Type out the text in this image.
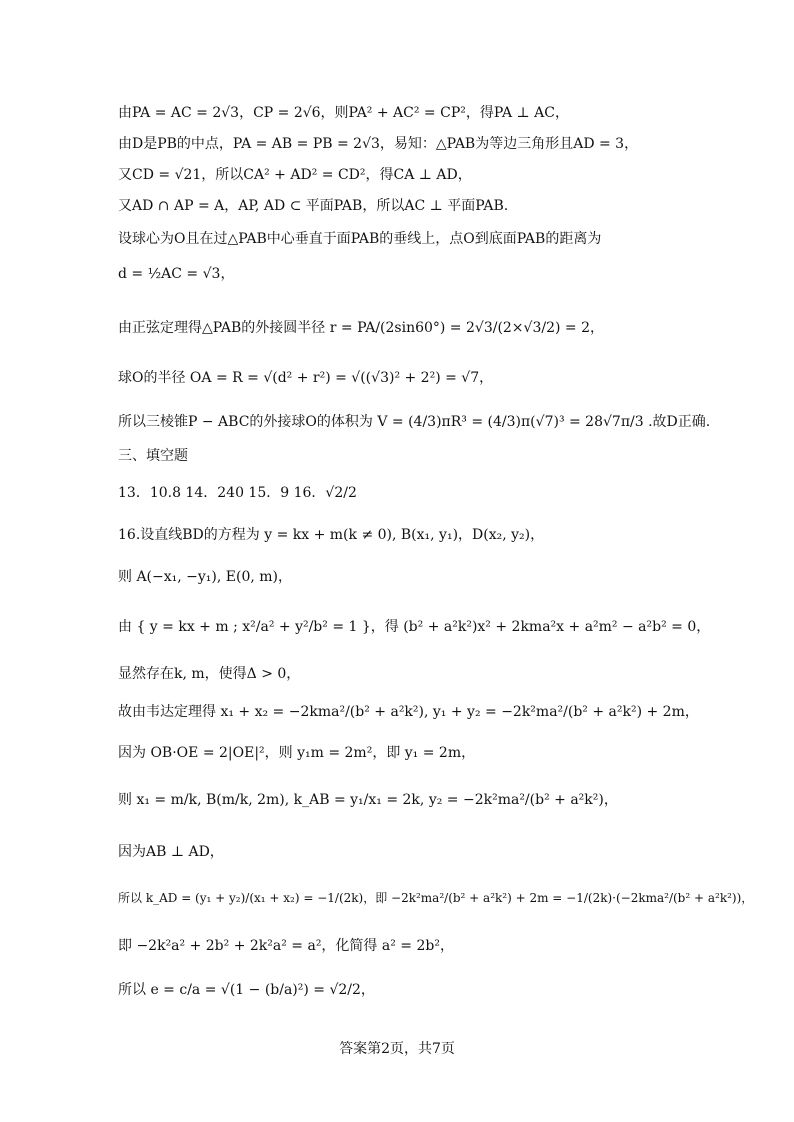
由PA = AC = 2√3，CP = 2√6，则PA² + AC² = CP²，得PA ⊥ AC，
由D是PB的中点，PA = AB = PB = 2√3，易知：△PAB为等边三角形且AD = 3，
又CD = √21，所以CA² + AD² = CD²，得CA ⊥ AD，
又AD ∩ AP = A，AP, AD ⊂ 平面PAB，所以AC ⊥ 平面PAB.
设球心为O且在过△PAB中心垂直于面PAB的垂线上，点O到底面PAB的距离为
d = ½AC = √3，
由正弦定理得△PAB的外接圆半径 r = PA/(2sin60°) = 2√3/(2×√3/2) = 2，
球O的半径 OA = R = √(d² + r²) = √((√3)² + 2²) = √7，
所以三棱锥P − ABC的外接球O的体积为 V = (4/3)πR³ = (4/3)π(√7)³ = 28√7π/3 .故D正确.
三、填空题
13．10.8 14．240 15．9 16．√2/2
16.设直线BD的方程为 y = kx + m(k ≠ 0), B(x₁, y₁)，D(x₂, y₂)，
则 A(−x₁, −y₁), E(0, m)，
由 { y = kx + m ; x²/a² + y²/b² = 1 }，得 (b² + a²k²)x² + 2kma²x + a²m² − a²b² = 0，
显然存在k, m，使得Δ > 0，
故由韦达定理得 x₁ + x₂ = −2kma²/(b² + a²k²), y₁ + y₂ = −2k²ma²/(b² + a²k²) + 2m，
因为 OB·OE = 2|OE|²，则 y₁m = 2m²，即 y₁ = 2m，
则 x₁ = m/k, B(m/k, 2m), k_AB = y₁/x₁ = 2k, y₂ = −2k²ma²/(b² + a²k²)，
因为AB ⊥ AD，
所以 k_AD = (y₁ + y₂)/(x₁ + x₂) = −1/(2k)，即 −2k²ma²/(b² + a²k²) + 2m = −1/(2k)·(−2kma²/(b² + a²k²))，
即 −2k²a² + 2b² + 2k²a² = a²，化简得 a² = 2b²，
所以 e = c/a = √(1 − (b/a)²) = √2/2，
答案第2页，共7页
